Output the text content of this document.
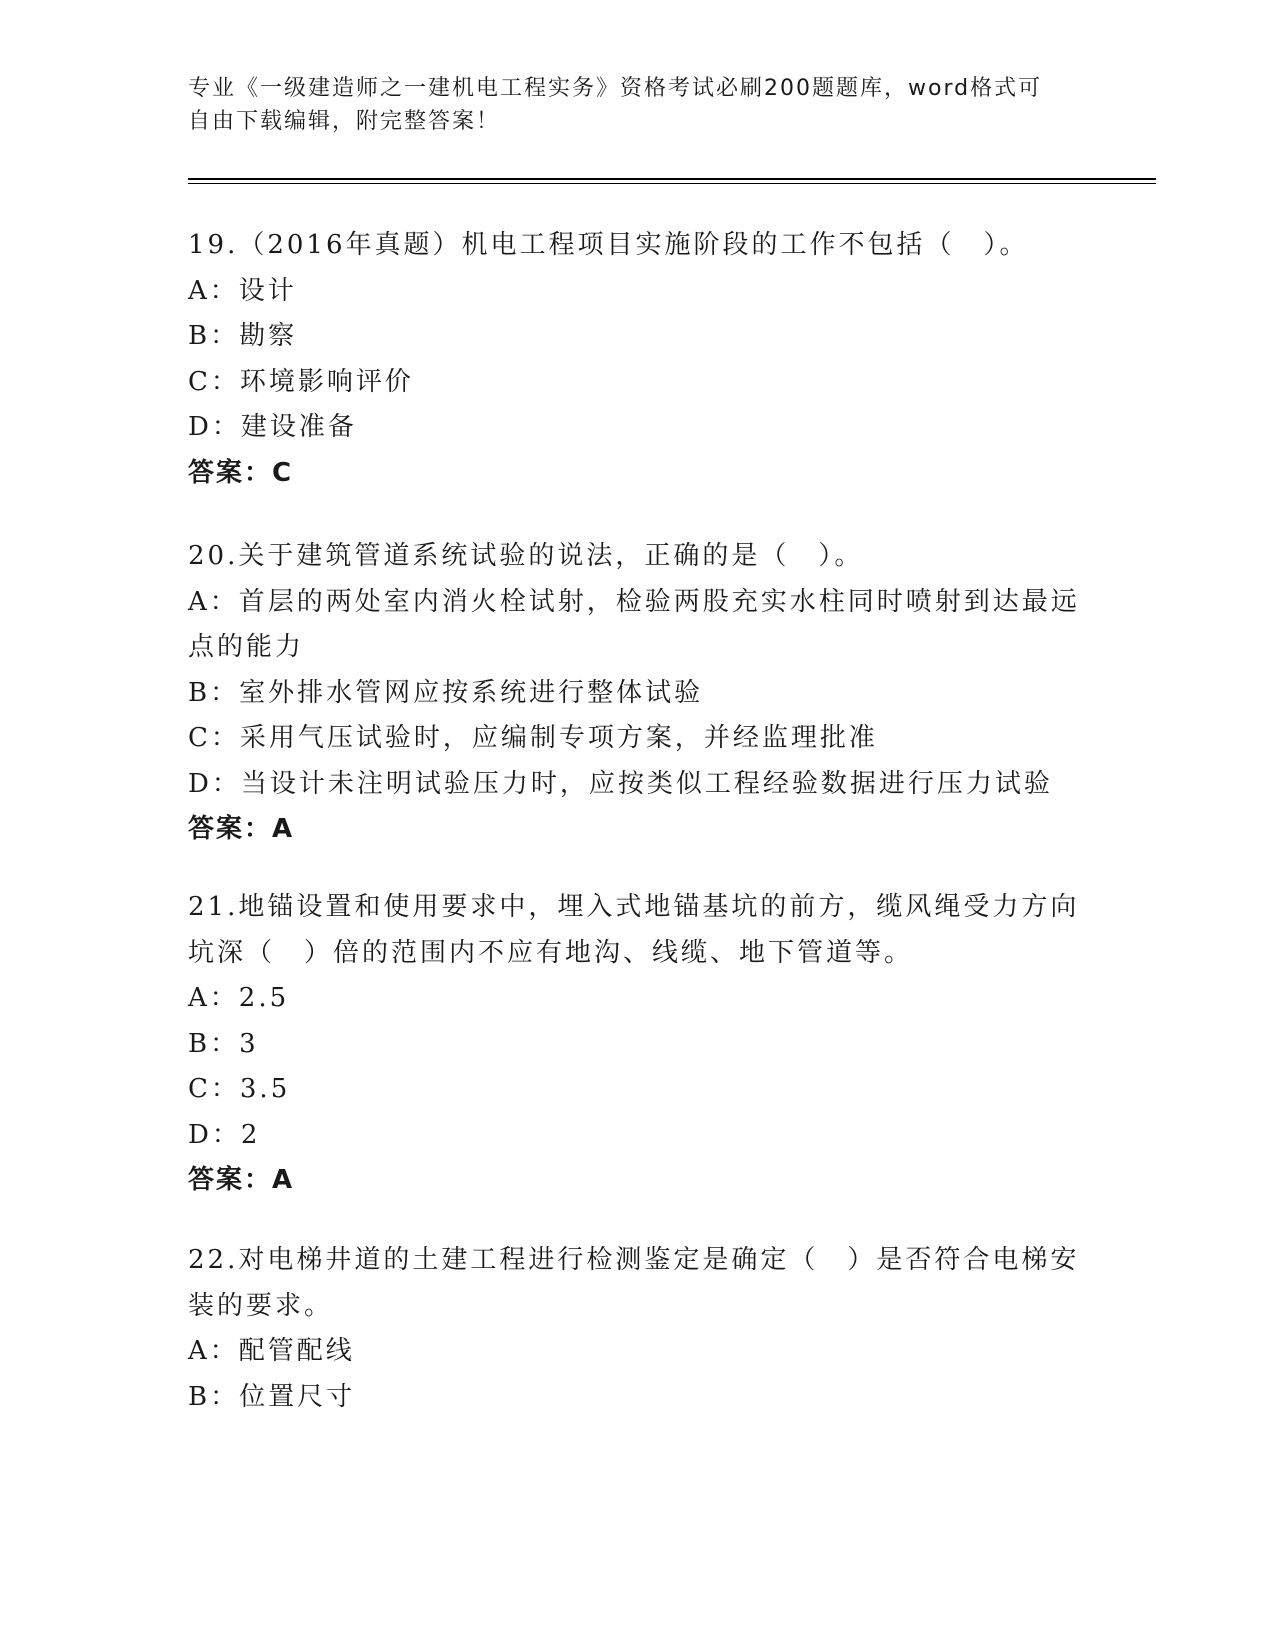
专业《一级建造师之一建机电工程实务》资格考试必刷200题题库，word格式可
自由下载编辑，附完整答案！
19.（2016年真题）机电工程项目实施阶段的工作不包括（　）。
A：设计
B：勘察
C：环境影响评价
D：建设准备
答案：C
20.关于建筑管道系统试验的说法，正确的是（　）。
A：首层的两处室内消火栓试射，检验两股充实水柱同时喷射到达最远
点的能力
B：室外排水管网应按系统进行整体试验
C：采用气压试验时，应编制专项方案，并经监理批准
D：当设计未注明试验压力时，应按类似工程经验数据进行压力试验
答案：A
21.地锚设置和使用要求中，埋入式地锚基坑的前方，缆风绳受力方向
坑深（　）倍的范围内不应有地沟、线缆、地下管道等。
A：2.5
B：3
C：3.5
D：2
答案：A
22.对电梯井道的土建工程进行检测鉴定是确定（　）是否符合电梯安
装的要求。
A：配管配线
B：位置尺寸
